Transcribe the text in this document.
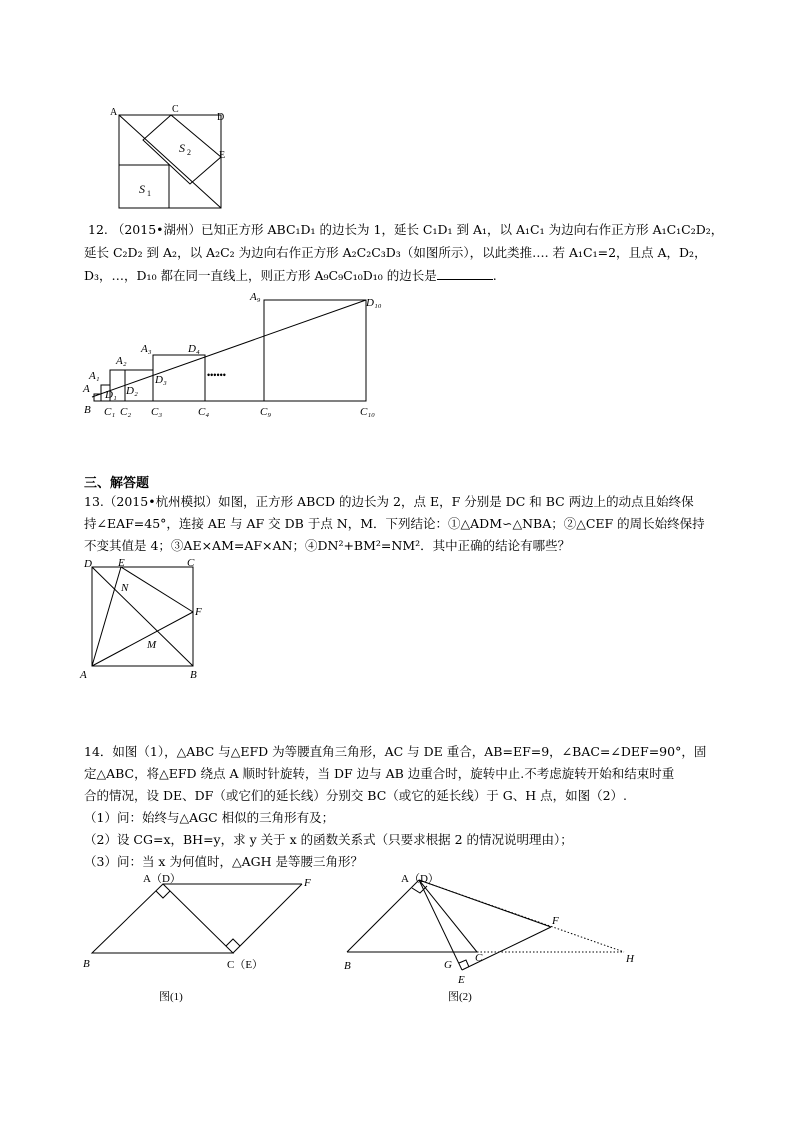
A	C
D
E
S 2
S 1
12. （2015•湖州）已知正方形 ABC₁D₁ 的边长为 1，延长 C₁D₁ 到 A₁，以 A₁C₁ 为边向右作正方形 A₁C₁C₂D₂，
延长 C₂D₂ 到 A₂，以 A₂C₂ 为边向右作正方形 A₂C₂C₃D₃（如图所示），以此类推…. 若 A₁C₁=2，且点 A，D₂，
D₃，…，D₁₀ 都在同一直线上，则正方形 A₉C₉C₁₀D₁₀ 的边长是	.
A
B
A₁
D₁
A₂
D₂
A₃
D₃
D₄
A₉	D₁₀
C₁ C₂ C₃	C₄	C₉	C₁₀
••••••
三、解答题
13.（2015•杭州模拟）如图，正方形 ABCD 的边长为 2，点 E，F 分别是 DC 和 BC 两边上的动点且始终保
持∠EAF=45°，连接 AE 与 AF 交 DB 于点 N，M．下列结论：①△ADM∽△NBA；②△CEF 的周长始终保持
不变其值是 4；③AE×AM=AF×AN；④DN²+BM²=NM²．其中正确的结论有哪些？
D E	C
N
F
M
A	B
14．如图（1），△ABC 与△EFD 为等腰直角三角形，AC 与 DE 重合，AB=EF=9，∠BAC=∠DEF=90°，固
定△ABC，将△EFD 绕点 A 顺时针旋转，当 DF 边与 AB 边重合时，旋转中止.不考虑旋转开始和结束时重
合的情况，设 DE、DF（或它们的延长线）分别交 BC（或它的延长线）于 G、H 点，如图（2）.
（1）问：始终与△AGC 相似的三角形有及；
（2）设 CG=x，BH=y，求 y 关于 x 的函数关系式（只要求根据 2 的情况说明理由）；
（3）问：当 x 为何值时，△AGH 是等腰三角形？
A（D）	F
B	C（E）
图(1)
A（D）
F
B	G
C	H
E
图(2)
